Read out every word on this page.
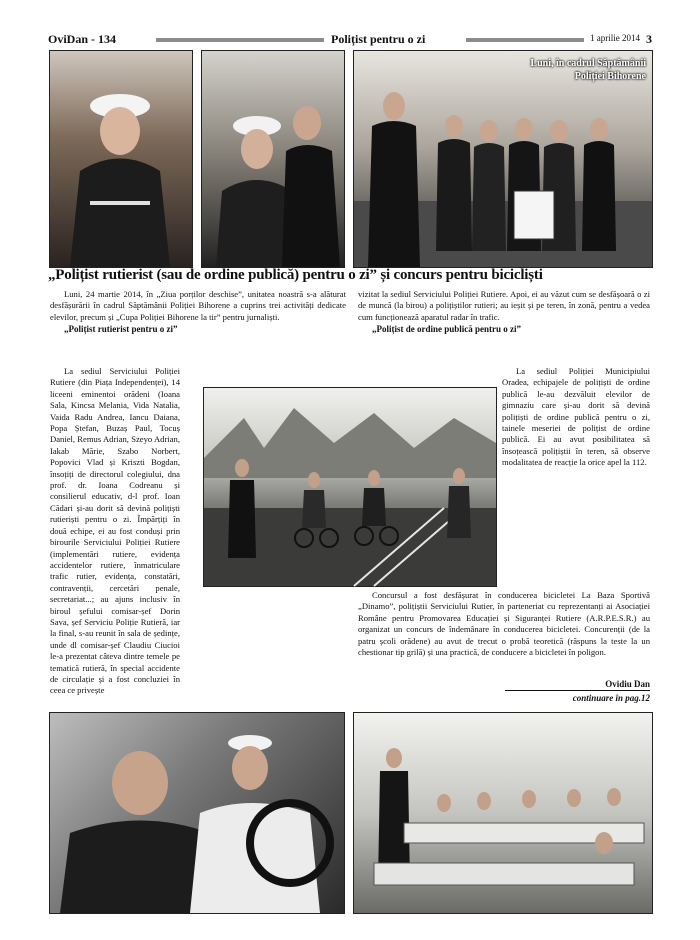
OviDan - 134	Polițist pentru o zi	1 aprilie 2014 3
Luni, în cadrul Săptămânii
Poliției Bihorene
„Polițist rutierist (sau de ordine publică) pentru o zi” și concurs pentru bicicliști

Luni, 24 martie 2014, în „Ziua porților deschise”, unitatea noastră s-a alăturat desfășurării în cadrul Săptămânii Poliției Bihorene a cuprins trei activități dedicate elevilor, precum și „Cupa Poliției Bihorene la tir” pentru jurnaliști.

„Polițist rutierist pentru o zi”

vizitat la sediul Serviciului Poliției Rutiere. Apoi, ei au văzut cum se desfășoară o zi de muncă (la birou) a polițiștilor rutieri; au ieșit și pe teren, în zonă, pentru a vedea cum funcționează aparatul radar în trafic.

„Polițist de ordine publică pentru o zi”

La sediul Serviciului Poliției Rutiere (din Piața Independenței), 14 liceeni eminentoi orădeni (Ioana Sala, Kincsa Melania, Vida Natalia, Vaida Radu Andrea, Iancu Daiana, Popa Ștefan, Buzaș Paul, Tocuș Daniel, Remus Adrian, Szeyo Adrian, Iakab Mărie, Szabo Norbert, Popovici Vlad și Kriszti Bogdan, însoțiți de directorul colegiului, dna prof. dr. Ioana Codreanu și consilierul educativ, d-l prof. Ioan Cădari și-au dorit să devină polițiști rutieriști pentru o zi. Împărțiți în două echipe, ei au fost conduși prin birourile Serviciului Poliției Rutiere (implementări rutiere, evidența accidentelor rutiere, înmatriculare trafic rutier, evidența, constatări, contravenții, cercetări penale, secretariat...; au ajuns inclusiv în biroul șefului comisar-șef Dorin Sava, șef Serviciu Poliție Rutieră, iar la final, s-au reunit în sala de ședințe, unde dl comisar-șef Claudiu Ciucioi le-a prezentat câteva dintre temele pe tematică rutieră, în special accidente de circulație și a fost concluziei în ceea ce privește

La sediul Poliției Municipiului Oradea, echipajele de polițiști de ordine publică le-au dezvăluit elevilor de gimnaziu care și-au dorit să devină polițiști de ordine publică pentru o zi, tainele meseriei de polițist de ordine publică. Ei au avut posibilitatea să însoțească polițiștii în teren, să observe modalitatea de reacție la orice apel la 112.

Concursul a fost desfășurat în conducerea bicicletei La Baza Sportivă „Dinamo”, polițiștii Serviciului Rutier, în parteneriat cu reprezentanți ai Asociației Române pentru Promovarea Educației și Siguranței Rutiere (A.R.P.E.S.R.) au organizat un concurs de îndemânare în conducerea bicicletei. Concurenții (de la patru școli orădene) au avut de trecut o probă teoretică (răspuns la teste la un chestionar tip grilă) și una practică, de conducere a bicicletei în poligon.

Ovidiu Dan
continuare în pag.12
